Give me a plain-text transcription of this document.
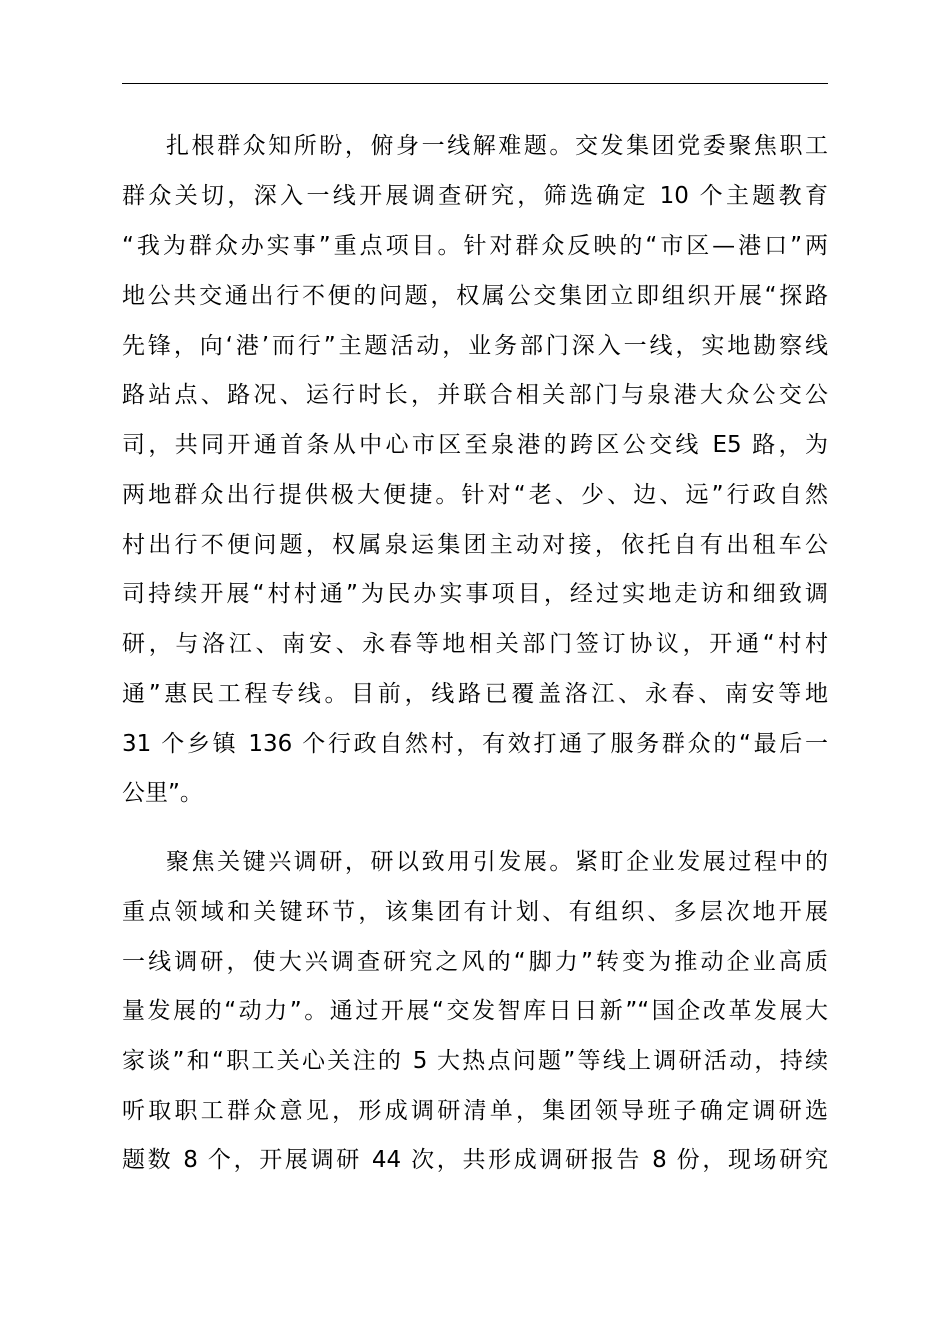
扎根群众知所盼，俯身一线解难题。交发集团党委聚焦职工
群众关切，深入一线开展调查研究，筛选确定 10 个主题教育
“我为群众办实事”重点项目。针对群众反映的“市区—港口”两
地公共交通出行不便的问题，权属公交集团立即组织开展“探路
先锋，向‘港’而行”主题活动，业务部门深入一线，实地勘察线
路站点、路况、运行时长，并联合相关部门与泉港大众公交公
司，共同开通首条从中心市区至泉港的跨区公交线 E5 路，为
两地群众出行提供极大便捷。针对“老、少、边、远”行政自然
村出行不便问题，权属泉运集团主动对接，依托自有出租车公
司持续开展“村村通”为民办实事项目，经过实地走访和细致调
研，与洛江、南安、永春等地相关部门签订协议，开通“村村
通”惠民工程专线。目前，线路已覆盖洛江、永春、南安等地
31 个乡镇 136 个行政自然村，有效打通了服务群众的“最后一
公里”。
聚焦关键兴调研，研以致用引发展。紧盯企业发展过程中的
重点领域和关键环节，该集团有计划、有组织、多层次地开展
一线调研，使大兴调查研究之风的“脚力”转变为推动企业高质
量发展的“动力”。通过开展“交发智库日日新”“国企改革发展大
家谈”和“职工关心关注的 5 大热点问题”等线上调研活动，持续
听取职工群众意见，形成调研清单，集团领导班子确定调研选
题数 8 个，开展调研 44 次，共形成调研报告 8 份，现场研究
